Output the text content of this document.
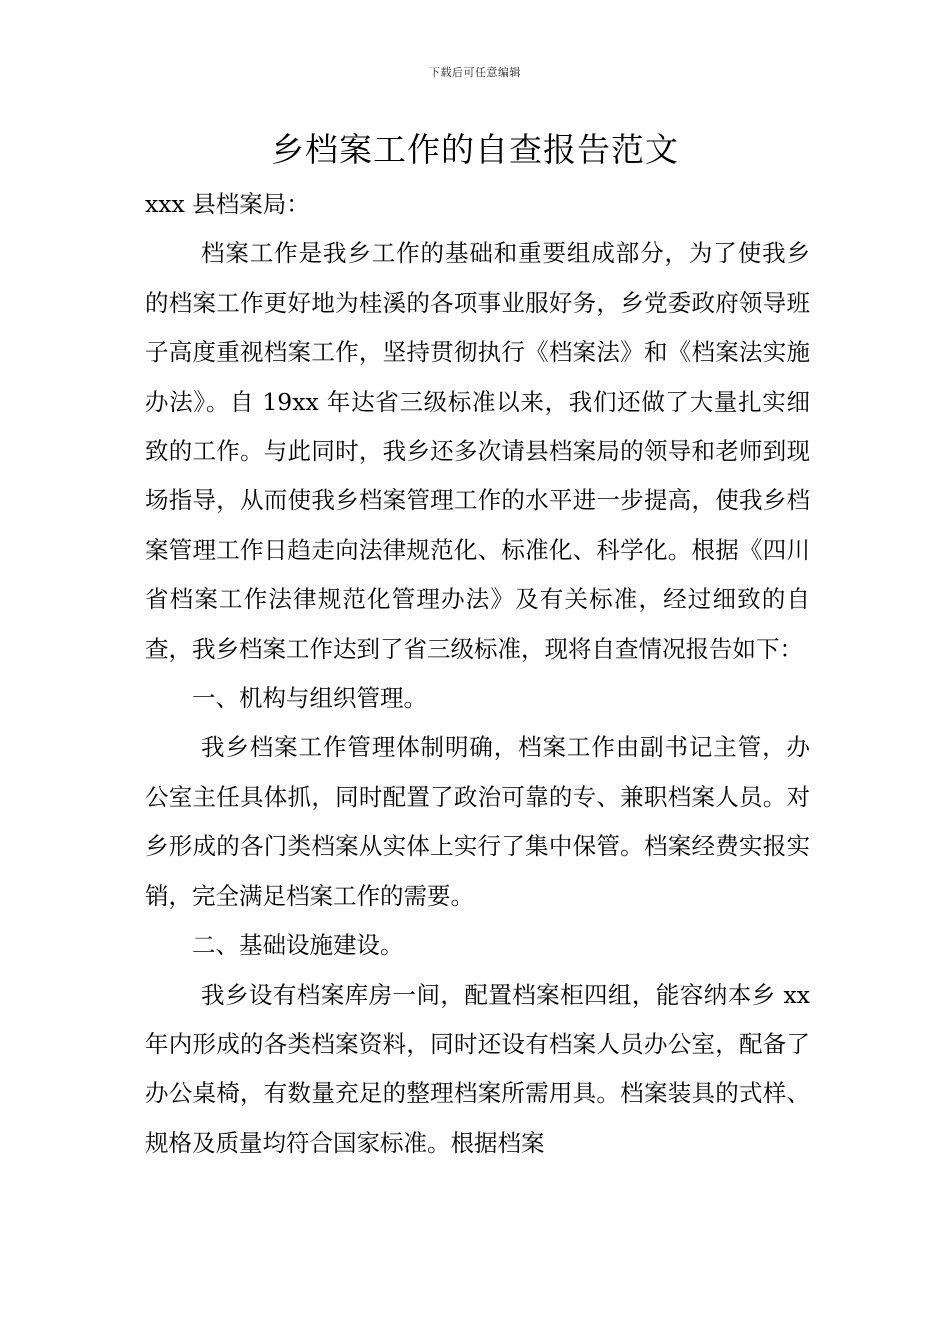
下载后可任意编辑
乡档案工作的自查报告范文

xxx 县档案局：

档案工作是我乡工作的基础和重要组成部分，为了使我乡的档案工作更好地为桂溪的各项事业服好务，乡党委政府领导班子高度重视档案工作，坚持贯彻执行《档案法》和《档案法实施办法》。自 19xx 年达省三级标准以来，我们还做了大量扎实细致的工作。与此同时，我乡还多次请县档案局的领导和老师到现场指导，从而使我乡档案管理工作的水平进一步提高，使我乡档案管理工作日趋走向法律规范化、标准化、科学化。根据《四川省档案工作法律规范化管理办法》及有关标准，经过细致的自查，我乡档案工作达到了省三级标准，现将自查情况报告如下：

一、机构与组织管理。

我乡档案工作管理体制明确，档案工作由副书记主管，办公室主任具体抓，同时配置了政治可靠的专、兼职档案人员。对乡形成的各门类档案从实体上实行了集中保管。档案经费实报实销，完全满足档案工作的需要。

二、基础设施建设。

我乡设有档案库房一间，配置档案柜四组，能容纳本乡 xx 年内形成的各类档案资料，同时还设有档案人员办公室，配备了办公桌椅，有数量充足的整理档案所需用具。档案装具的式样、规格及质量均符合国家标准。根据档案
